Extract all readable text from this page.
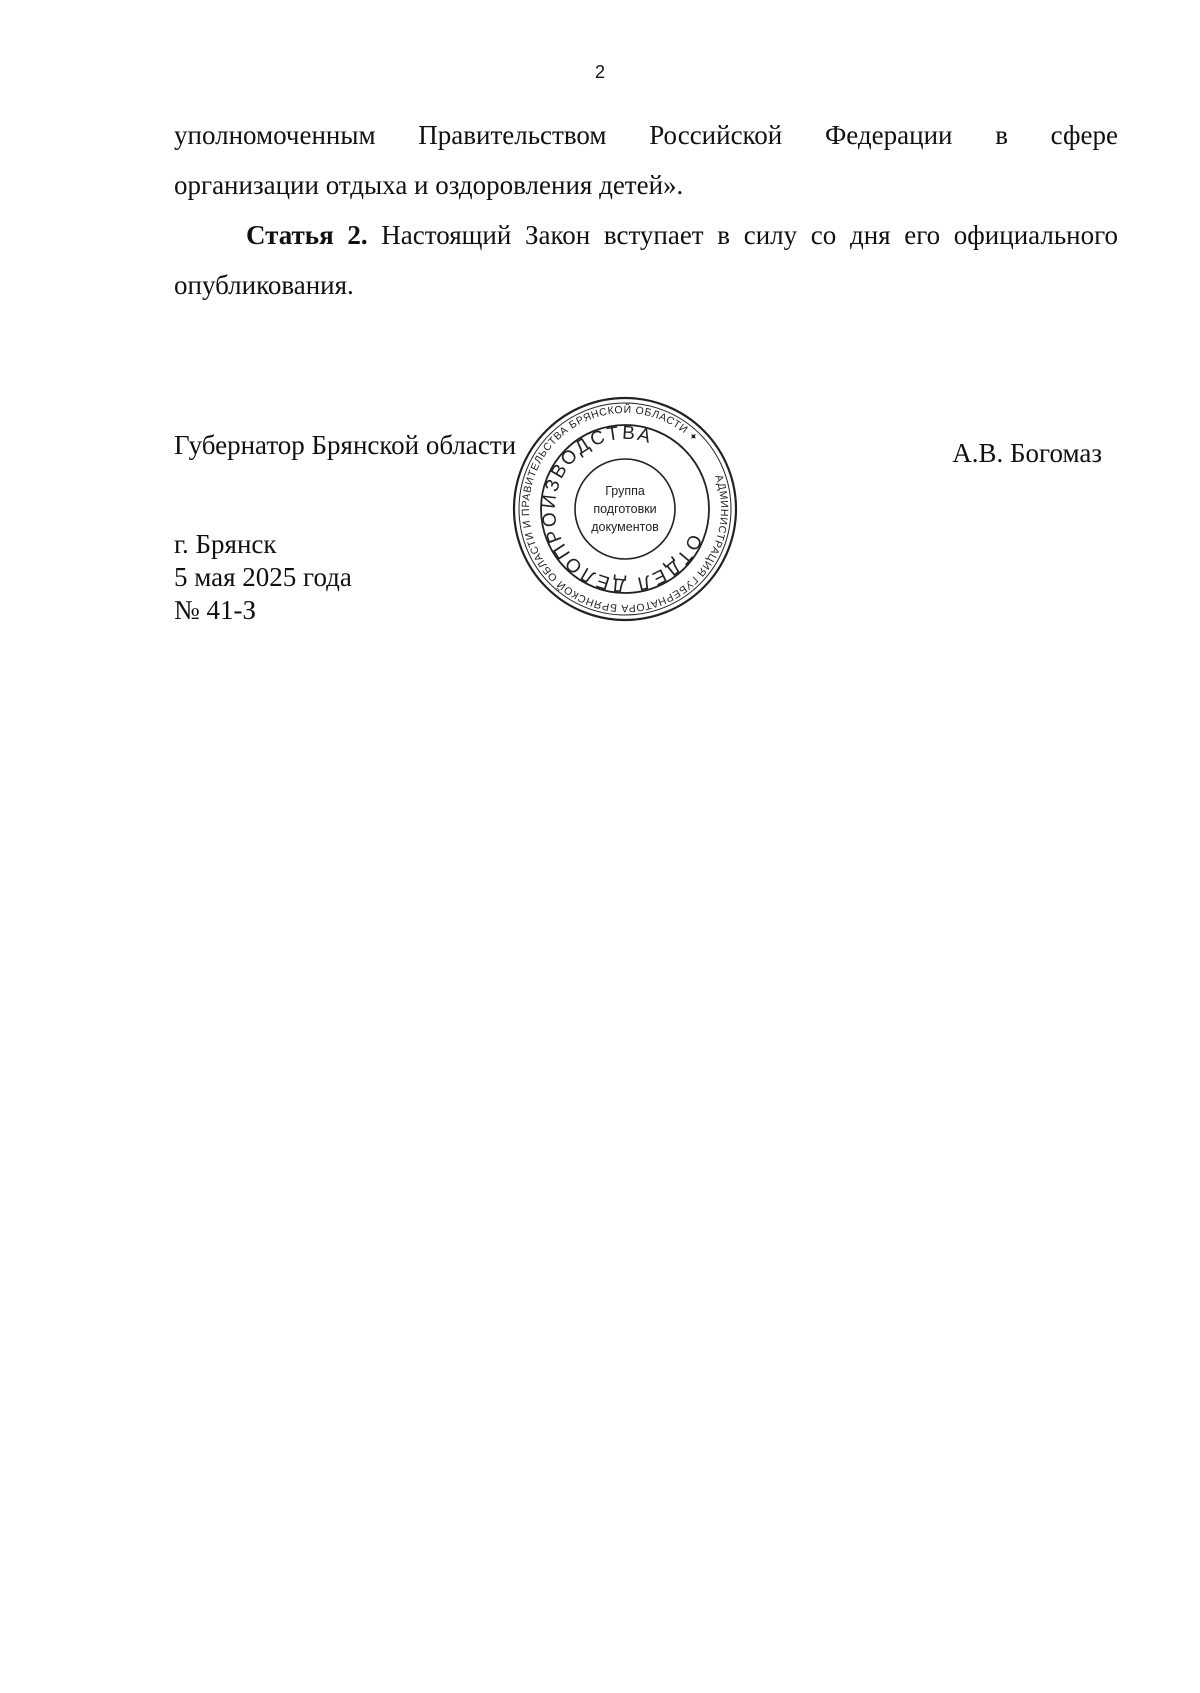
2
уполномоченным Правительством Российской Федерации в сфере
организации отдыха и оздоровления детей».
Статья 2. Настоящий Закон вступает в силу со дня его официального
опубликования.
Губернатор Брянской области	А.В. Богомаз
г. Брянск
5 мая 2025 года
№ 41-З
АДМИНИСТРАЦИЯ ГУБЕРНАТОРА БРЯНСКОЙ ОБЛАСТИ И ПРАВИТЕЛЬСТВА БРЯНСКОЙ ОБЛАСТИ ✦
ОТДЕЛ ДЕЛОПРОИЗВОДСТВА
Группа
подготовки
документов
